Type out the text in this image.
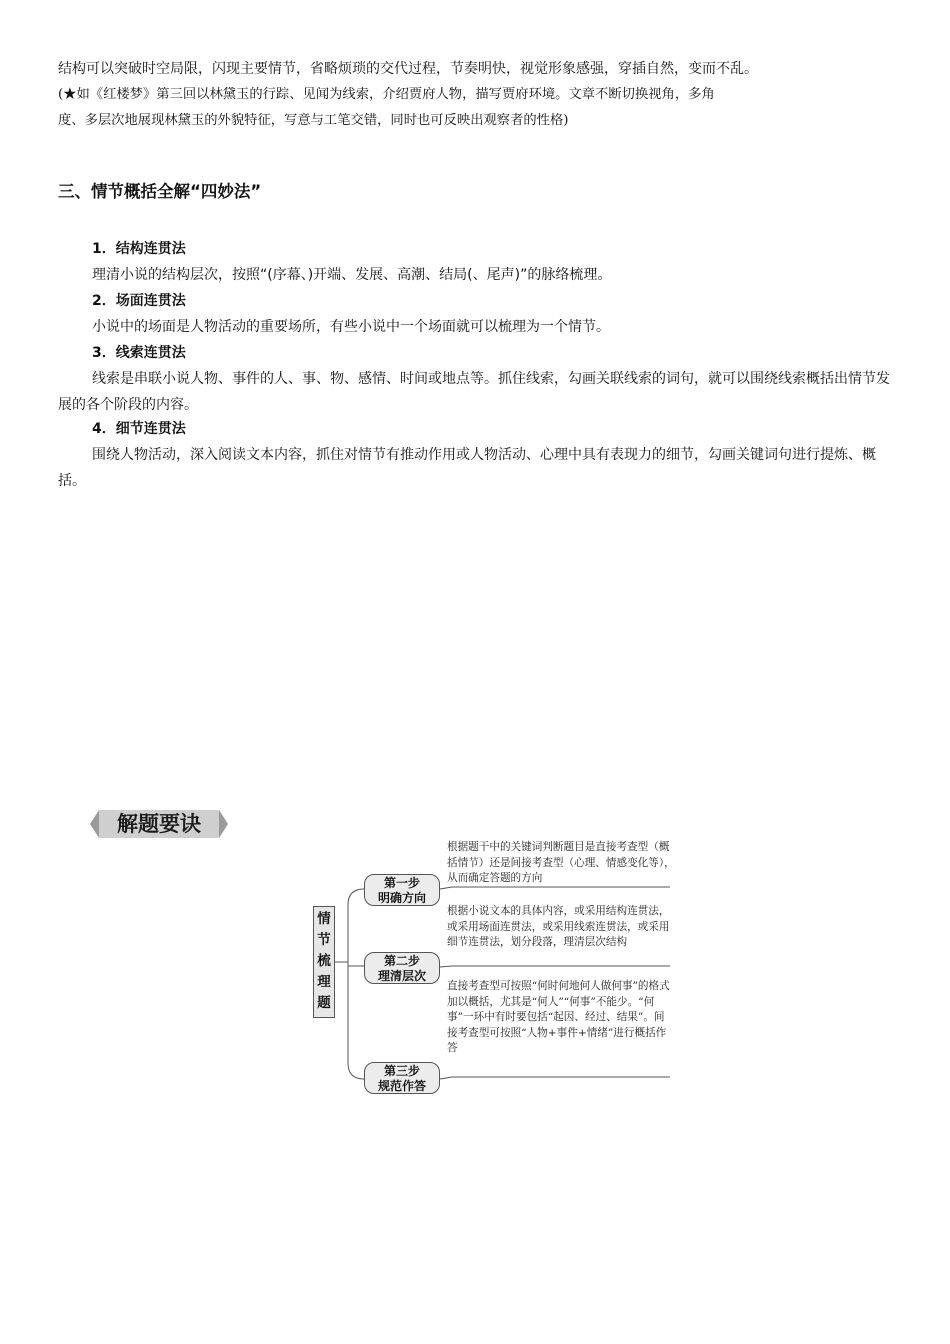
结构可以突破时空局限，闪现主要情节，省略烦琐的交代过程，节奏明快，视觉形象感强，穿插自然，变而不乱。
(★如《红楼梦》第三回以林黛玉的行踪、见闻为线索，介绍贾府人物，描写贾府环境。文章不断切换视角，多角
度、多层次地展现林黛玉的外貌特征，写意与工笔交错，同时也可反映出观察者的性格)
三、情节概括全解“四妙法”
1．结构连贯法

理清小说的结构层次，按照“(序幕、)开端、发展、高潮、结局(、尾声)”的脉络梳理。

2．场面连贯法

小说中的场面是人物活动的重要场所，有些小说中一个场面就可以梳理为一个情节。

3．线索连贯法

线索是串联小说人物、事件的人、事、物、感情、时间或地点等。抓住线索，勾画关联线索的词句，就可以围绕线索概括出情节发展的各个阶段的内容。

4．细节连贯法

围绕人物活动，深入阅读文本内容，抓住对情节有推动作用或人物活动、心理中具有表现力的细节，勾画关键词句进行提炼、概括。

解题要诀
情
节
梳
理
题
第一步
明确方向
第二步
理清层次
第三步
规范作答
根据题干中的关键词判断题目是直接考查型（概括情节）还是间接考查型（心理、情感变化等），从而确定答题的方向
根据小说文本的具体内容，或采用结构连贯法，或采用场面连贯法，或采用线索连贯法，或采用细节连贯法，划分段落，理清层次结构
直接考查型可按照“何时何地何人做何事”的格式加以概括，尤其是“何人”“何事”不能少。“何事”一环中有时要包括“起因、经过、结果”。间接考查型可按照“人物+事件+情绪”进行概括作答
